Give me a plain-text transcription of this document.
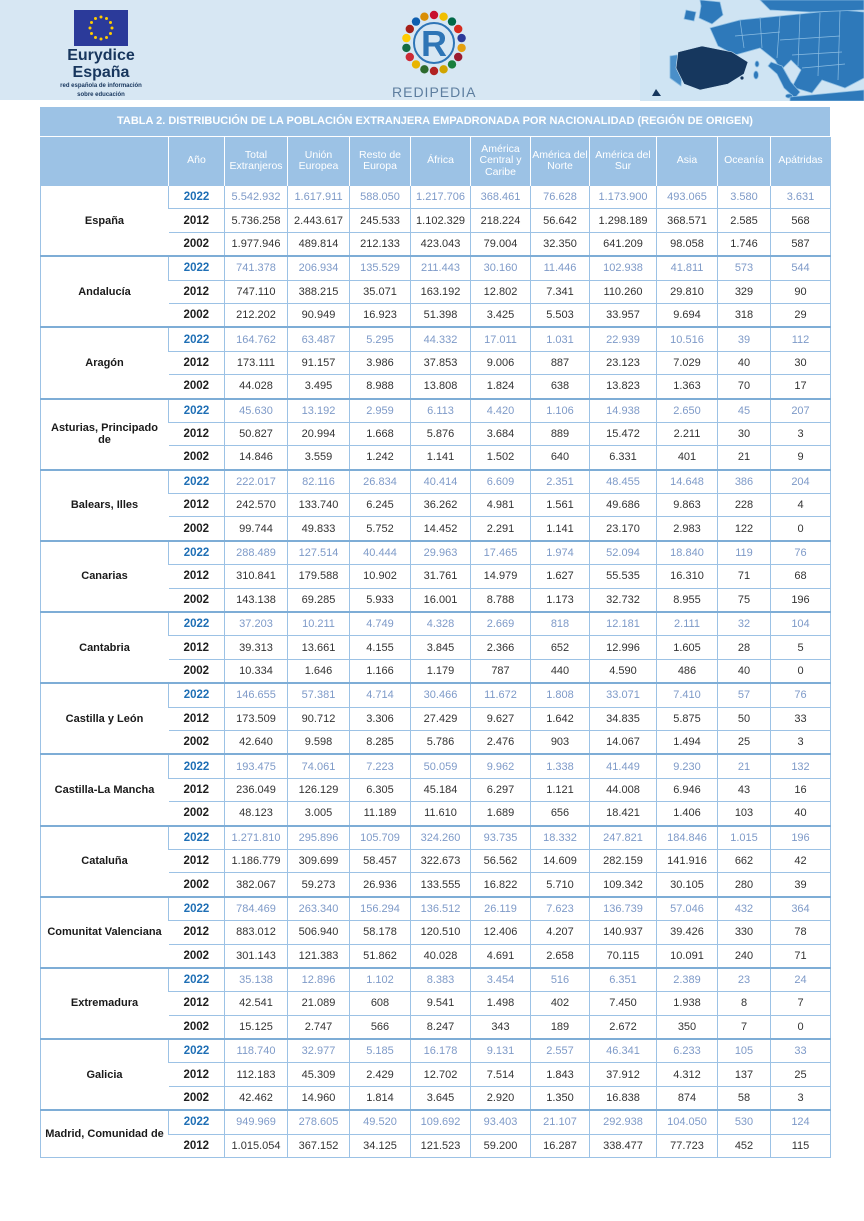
Eurydice
España
red española de información
sobre educación
R
REDIPEDIA
TABLA 2. DISTRIBUCIÓN DE LA POBLACIÓN EXTRANJERA EMPADRONADA POR NACIONALIDAD (REGIÓN DE ORIGEN)
	Año	Total Extranjeros	Unión Europea	Resto de Europa	África	América Central y Caribe	América del Norte	América del Sur	Asia	Oceanía	Apátridas
España	2022	5.542.932	1.617.911	588.050	1.217.706	368.461	76.628	1.173.900	493.065	3.580	3.631
	2012	5.736.258	2.443.617	245.533	1.102.329	218.224	56.642	1.298.189	368.571	2.585	568
	2002	1.977.946	489.814	212.133	423.043	79.004	32.350	641.209	98.058	1.746	587
Andalucía	2022	741.378	206.934	135.529	211.443	30.160	11.446	102.938	41.811	573	544
	2012	747.110	388.215	35.071	163.192	12.802	7.341	110.260	29.810	329	90
	2002	212.202	90.949	16.923	51.398	3.425	5.503	33.957	9.694	318	29
Aragón	2022	164.762	63.487	5.295	44.332	17.011	1.031	22.939	10.516	39	112
	2012	173.111	91.157	3.986	37.853	9.006	887	23.123	7.029	40	30
	2002	44.028	3.495	8.988	13.808	1.824	638	13.823	1.363	70	17
Asturias, Principado de	2022	45.630	13.192	2.959	6.113	4.420	1.106	14.938	2.650	45	207
	2012	50.827	20.994	1.668	5.876	3.684	889	15.472	2.211	30	3
	2002	14.846	3.559	1.242	1.141	1.502	640	6.331	401	21	9
Balears, Illes	2022	222.017	82.116	26.834	40.414	6.609	2.351	48.455	14.648	386	204
	2012	242.570	133.740	6.245	36.262	4.981	1.561	49.686	9.863	228	4
	2002	99.744	49.833	5.752	14.452	2.291	1.141	23.170	2.983	122	0
Canarias	2022	288.489	127.514	40.444	29.963	17.465	1.974	52.094	18.840	119	76
	2012	310.841	179.588	10.902	31.761	14.979	1.627	55.535	16.310	71	68
	2002	143.138	69.285	5.933	16.001	8.788	1.173	32.732	8.955	75	196
Cantabria	2022	37.203	10.211	4.749	4.328	2.669	818	12.181	2.111	32	104
	2012	39.313	13.661	4.155	3.845	2.366	652	12.996	1.605	28	5
	2002	10.334	1.646	1.166	1.179	787	440	4.590	486	40	0
Castilla y León	2022	146.655	57.381	4.714	30.466	11.672	1.808	33.071	7.410	57	76
	2012	173.509	90.712	3.306	27.429	9.627	1.642	34.835	5.875	50	33
	2002	42.640	9.598	8.285	5.786	2.476	903	14.067	1.494	25	3
Castilla-La Mancha	2022	193.475	74.061	7.223	50.059	9.962	1.338	41.449	9.230	21	132
	2012	236.049	126.129	6.305	45.184	6.297	1.121	44.008	6.946	43	16
	2002	48.123	3.005	11.189	11.610	1.689	656	18.421	1.406	103	40
Cataluña	2022	1.271.810	295.896	105.709	324.260	93.735	18.332	247.821	184.846	1.015	196
	2012	1.186.779	309.699	58.457	322.673	56.562	14.609	282.159	141.916	662	42
	2002	382.067	59.273	26.936	133.555	16.822	5.710	109.342	30.105	280	39
Comunitat Valenciana	2022	784.469	263.340	156.294	136.512	26.119	7.623	136.739	57.046	432	364
	2012	883.012	506.940	58.178	120.510	12.406	4.207	140.937	39.426	330	78
	2002	301.143	121.383	51.862	40.028	4.691	2.658	70.115	10.091	240	71
Extremadura	2022	35.138	12.896	1.102	8.383	3.454	516	6.351	2.389	23	24
	2012	42.541	21.089	608	9.541	1.498	402	7.450	1.938	8	7
	2002	15.125	2.747	566	8.247	343	189	2.672	350	7	0
Galicia	2022	118.740	32.977	5.185	16.178	9.131	2.557	46.341	6.233	105	33
	2012	112.183	45.309	2.429	12.702	7.514	1.843	37.912	4.312	137	25
	2002	42.462	14.960	1.814	3.645	2.920	1.350	16.838	874	58	3
Madrid, Comunidad de	2022	949.969	278.605	49.520	109.692	93.403	21.107	292.938	104.050	530	124
	2012	1.015.054	367.152	34.125	121.523	59.200	16.287	338.477	77.723	452	115
